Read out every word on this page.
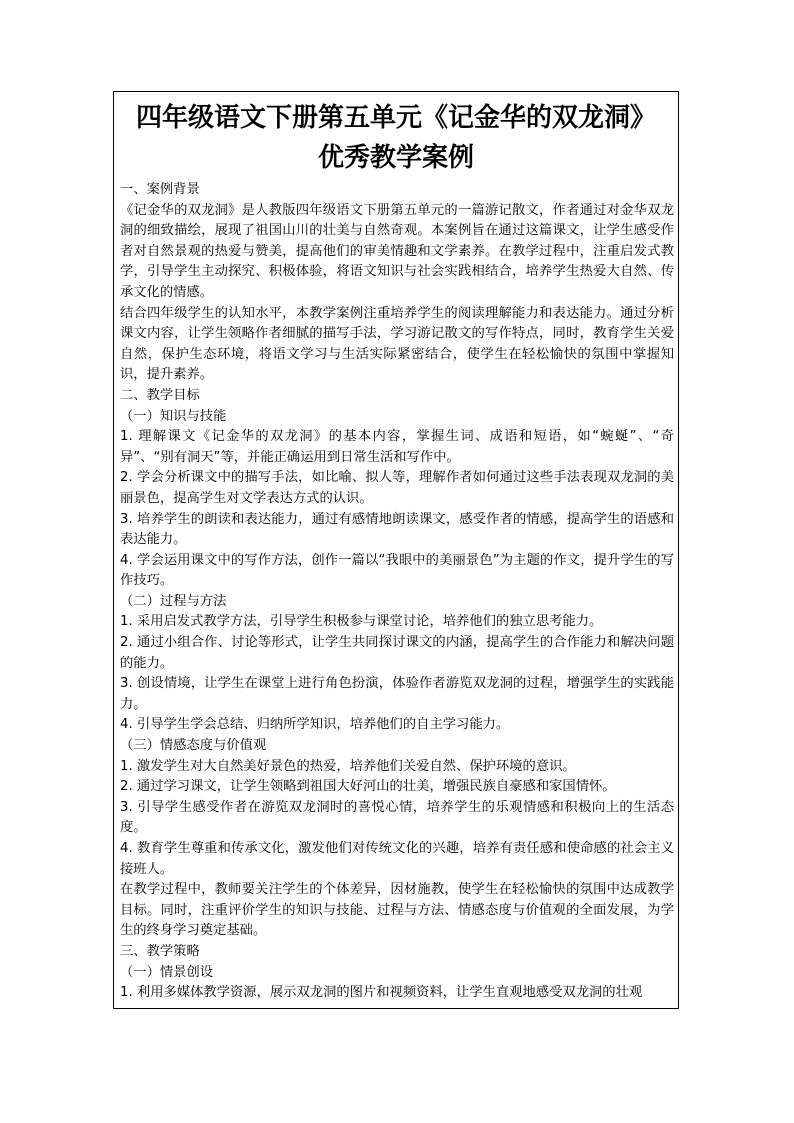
四年级语文下册第五单元《记金华的双龙洞》
优秀教学案例

一、案例背景

《记金华的双龙洞》是人教版四年级语文下册第五单元的一篇游记散文，作者通过对金华双龙洞的细致描绘，展现了祖国山川的壮美与自然奇观。本案例旨在通过这篇课文，让学生感受作者对自然景观的热爱与赞美，提高他们的审美情趣和文学素养。在教学过程中，注重启发式教学，引导学生主动探究、积极体验，将语文知识与社会实践相结合，培养学生热爱大自然、传承文化的情感。

结合四年级学生的认知水平，本教学案例注重培养学生的阅读理解能力和表达能力。通过分析课文内容，让学生领略作者细腻的描写手法，学习游记散文的写作特点，同时，教育学生关爱自然，保护生态环境，将语文学习与生活实际紧密结合，使学生在轻松愉快的氛围中掌握知识，提升素养。

二、教学目标

（一）知识与技能

1. 理解课文《记金华的双龙洞》的基本内容，掌握生词、成语和短语，如“蜿蜒”、“奇异”、“别有洞天”等，并能正确运用到日常生活和写作中。

2. 学会分析课文中的描写手法，如比喻、拟人等，理解作者如何通过这些手法表现双龙洞的美丽景色，提高学生对文学表达方式的认识。

3. 培养学生的朗读和表达能力，通过有感情地朗读课文，感受作者的情感，提高学生的语感和表达能力。

4. 学会运用课文中的写作方法，创作一篇以“我眼中的美丽景色”为主题的作文，提升学生的写作技巧。

（二）过程与方法

1. 采用启发式教学方法，引导学生积极参与课堂讨论，培养他们的独立思考能力。

2. 通过小组合作、讨论等形式，让学生共同探讨课文的内涵，提高学生的合作能力和解决问题的能力。

3. 创设情境，让学生在课堂上进行角色扮演，体验作者游览双龙洞的过程，增强学生的实践能力。

4. 引导学生学会总结、归纳所学知识，培养他们的自主学习能力。

（三）情感态度与价值观

1. 激发学生对大自然美好景色的热爱，培养他们关爱自然、保护环境的意识。

2. 通过学习课文，让学生领略到祖国大好河山的壮美，增强民族自豪感和家国情怀。

3. 引导学生感受作者在游览双龙洞时的喜悦心情，培养学生的乐观情感和积极向上的生活态度。

4. 教育学生尊重和传承文化，激发他们对传统文化的兴趣，培养有责任感和使命感的社会主义接班人。

在教学过程中，教师要关注学生的个体差异，因材施教，使学生在轻松愉快的氛围中达成教学目标。同时，注重评价学生的知识与技能、过程与方法、情感态度与价值观的全面发展，为学生的终身学习奠定基础。

三、教学策略

（一）情景创设

1. 利用多媒体教学资源，展示双龙洞的图片和视频资料，让学生直观地感受双龙洞的壮观
